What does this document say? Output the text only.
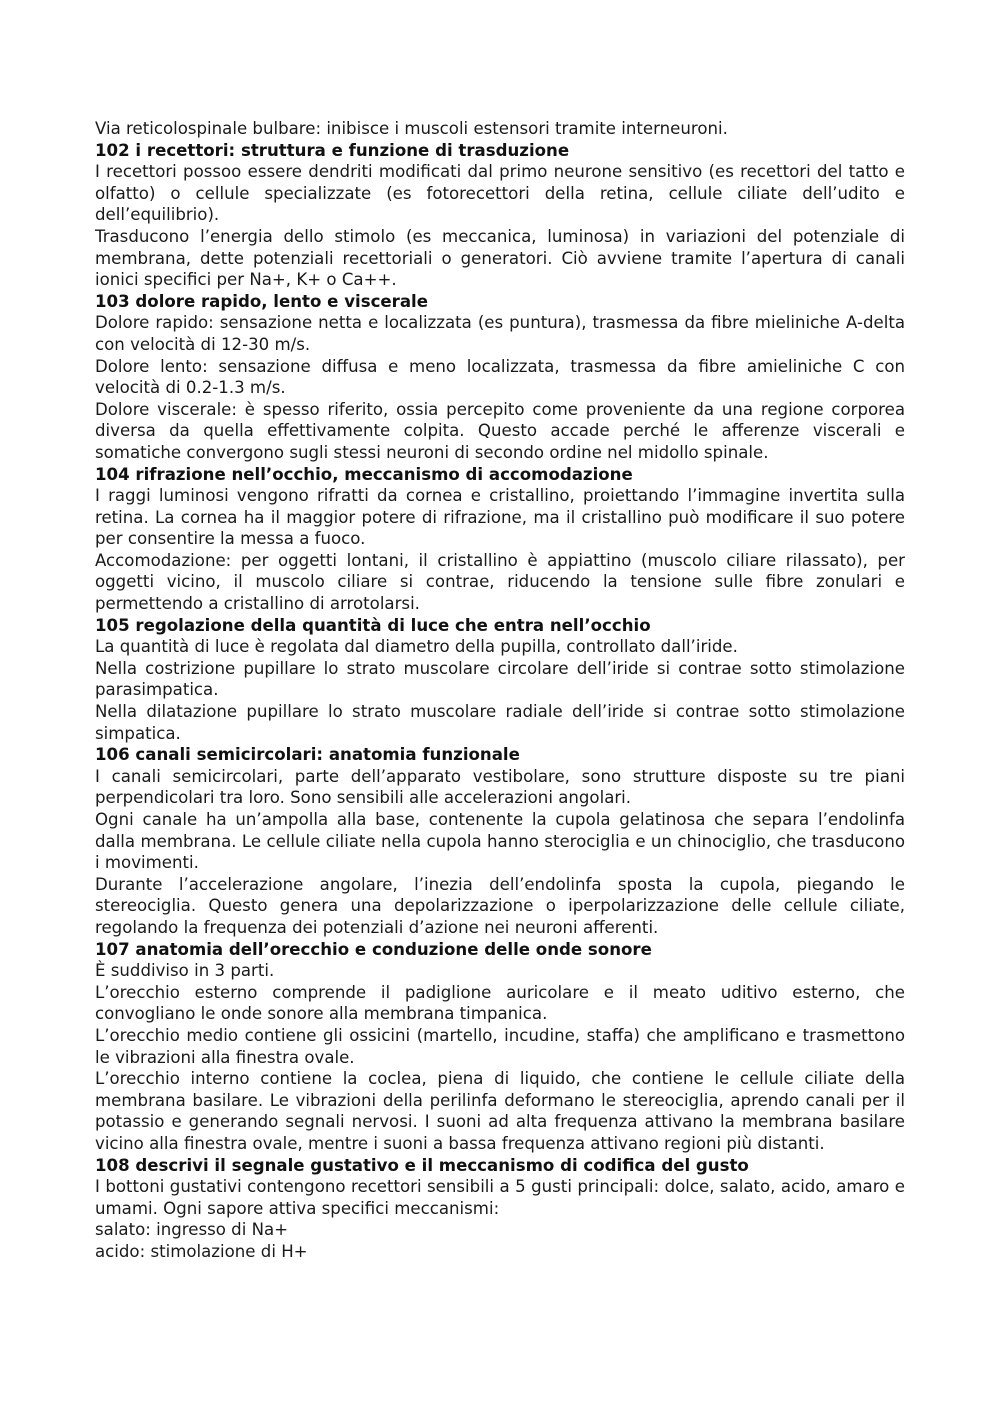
Via reticolospinale bulbare: inibisce i muscoli estensori tramite interneuroni.

102 i recettori: struttura e funzione di trasduzione

I recettori possoo essere dendriti modificati dal primo neurone sensitivo (es recettori del tatto e olfatto) o cellule specializzate (es fotorecettori della retina, cellule ciliate dell’udito e dell’equilibrio).

Trasducono l’energia dello stimolo (es meccanica, luminosa) in variazioni del potenziale di membrana, dette potenziali recettoriali o generatori. Ciò avviene tramite l’apertura di canali ionici specifici per Na+, K+ o Ca++.

103 dolore rapido, lento e viscerale

Dolore rapido: sensazione netta e localizzata (es puntura), trasmessa da fibre mieliniche A-delta con velocità di 12-30 m/s.

Dolore lento: sensazione diffusa e meno localizzata, trasmessa da fibre amieliniche C con velocità di 0.2-1.3 m/s.

Dolore viscerale: è spesso riferito, ossia percepito come proveniente da una regione corporea diversa da quella effettivamente colpita. Questo accade perché le afferenze viscerali e somatiche convergono sugli stessi neuroni di secondo ordine nel midollo spinale.

104 rifrazione nell’occhio, meccanismo di accomodazione

I raggi luminosi vengono rifratti da cornea e cristallino, proiettando l’immagine invertita sulla retina. La cornea ha il maggior potere di rifrazione, ma il cristallino può modificare il suo potere per consentire la messa a fuoco.

Accomodazione: per oggetti lontani, il cristallino è appiattino (muscolo ciliare rilassato), per oggetti vicino, il muscolo ciliare si contrae, riducendo la tensione sulle fibre zonulari e permettendo a cristallino di arrotolarsi.

105 regolazione della quantità di luce che entra nell’occhio

La quantità di luce è regolata dal diametro della pupilla, controllato dall’iride.

Nella costrizione pupillare lo strato muscolare circolare dell’iride si contrae sotto stimolazione parasimpatica.

Nella dilatazione pupillare lo strato muscolare radiale dell’iride si contrae sotto stimolazione simpatica.

106 canali semicircolari: anatomia funzionale

I canali semicircolari, parte dell’apparato vestibolare, sono strutture disposte su tre piani perpendicolari tra loro. Sono sensibili alle accelerazioni angolari.

Ogni canale ha un’ampolla alla base, contenente la cupola gelatinosa che separa l’endolinfa dalla membrana. Le cellule ciliate nella cupola hanno sterociglia e un chinociglio, che trasducono i movimenti.

Durante l’accelerazione angolare, l’inezia dell’endolinfa sposta la cupola, piegando le stereociglia. Questo genera una depolarizzazione o iperpolarizzazione delle cellule ciliate, regolando la frequenza dei potenziali d’azione nei neuroni afferenti.

107 anatomia dell’orecchio e conduzione delle onde sonore

È suddiviso in 3 parti.

L’orecchio esterno comprende il padiglione auricolare e il meato uditivo esterno, che convogliano le onde sonore alla membrana timpanica.

L’orecchio medio contiene gli ossicini (martello, incudine, staffa) che amplificano e trasmettono le vibrazioni alla finestra ovale.

L’orecchio interno contiene la coclea, piena di liquido, che contiene le cellule ciliate della membrana basilare. Le vibrazioni della perilinfa deformano le stereociglia, aprendo canali per il potassio e generando segnali nervosi. I suoni ad alta frequenza attivano la membrana basilare vicino alla finestra ovale, mentre i suoni a bassa frequenza attivano regioni più distanti.

108 descrivi il segnale gustativo e il meccanismo di codifica del gusto

I bottoni gustativi contengono recettori sensibili a 5 gusti principali: dolce, salato, acido, amaro e umami. Ogni sapore attiva specifici meccanismi:

salato: ingresso di Na+

acido: stimolazione di H+
